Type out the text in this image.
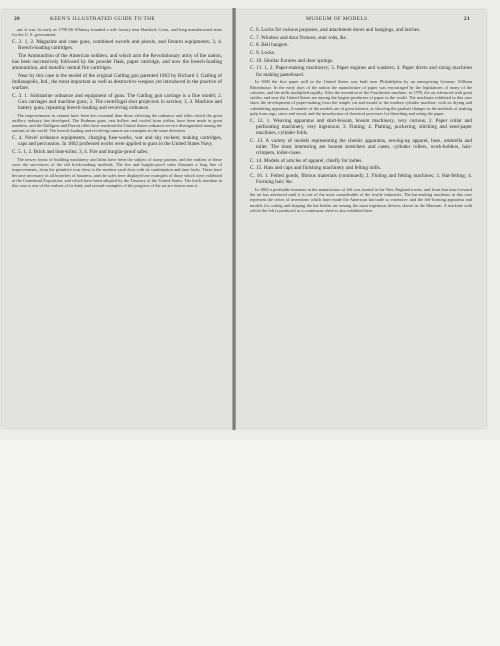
20	KEEN'S ILLUSTRATED GUIDE TO THE

ant of war. As early as 1798 Eli Whitney founded a rifle factory near Hartford, Conn., and long manufactured arms for the U. S. government.

C. 2. 1, 2. Magazine and cane guns, combined swords and pistols, and firearm equipments; 3, 4. Breech-loading cartridges.

The Ammunition of the American soldiers, and which arm the Revolutionary army of the nation, has been successively followed by the powder flask, paper cartridge, and now the breech-loading ammunition, and metallic central fire cartridges.

Near by this case is the model of the original Gatling gun patented 1862 by Richard J. Gatling of Indianapolis, Ind., the most important as well as destructive weapon yet introduced in the practice of warfare.

C. 3. 1. Submarine ordnance and equipment of guns. The Gatling gun carriage is a fine model; 2. Gun carriages and machine guns; 3. The centrifugal shot projectors in section; 3, 4. Machine and battery guns, repeating breech-loading and revolving ordnance.

The improvements in cannon have been less essential than those affecting the ordnance and rifles which the great artillery industry has developed. The Rodman guns, cast hollow and cooled from within, have been made in great numbers, and the Dahlgren and Parrott rifles have rendered the United States ordnance service distinguished among the nations of the world. The breech-loading and revolving cannon are examples in the same direction.

C. 4. Novel ordnance equipments, charging fuse-works, war and sky rockets; making cartridges, caps and percussion. In 1862 professed works were applied to guns in the United States Navy.

C. 5. 1, 2. Brick and lime-kilns; 3, 4. Fire and burglar-proof safes.

The newer forms of building machinery and kilns have been the subject of many patents, and the earliest of these were the successors of the old brick-making methods. The fire and burglar-proof safes illustrate a long line of improvements, from the primitive iron chest to the modern vault door with its combination and time locks. These have become necessary in all branches of business, and the safes here displayed are examples of those which were exhibited at the Centennial Exposition, and which have been adopted by the Treasury of the United States. The brick machine in this case is one of the earliest of its kind, and several examples of the progress of the art are shown near it.

MUSEUM OF MODELS.	21

C. 6. Locks for various purposes, and attachment doors and hangings, and latches.

C. 7. Window and door fixtures, stair rods, &c.

C. 8. Bell hangers.

C. 9. Locks.

C. 10. Similar fixtures and door springs.

C. 11. 1, 2. Paper-making machinery; 3. Paper engines and washers; 4. Paper driers and sizing machines for making pasteboard.

In 1690 the first paper mill in the United States was built near Philadelphia by an enterprising German, William Rittenhouse. In the early days of the nation the manufacture of paper was encouraged by the legislatures of many of the colonies, and the mills multiplied rapidly. After the invention of the Fourdrinier machine, in 1799, the art advanced with great strides, and now the United States are among the largest producers of paper in the world. The machines exhibited in this case show the development of paper-making from the simple vat and mould to the modern cylinder machine, with its drying and calendering apparatus. A number of the models are of great interest, as showing the gradual changes in the methods of making pulp from rags, straw and wood, and the introduction of chemical processes for bleaching and sizing the paper.

C. 12. 1. Weaving apparatus and shirt-bosom, bosom machinery, very curious; 2. Paper collar and perforating machinery, very ingenious; 3. Fluting; 4. Platting, puckering, stitching and seed-paper machines, cylinder folds.

C. 13. A variety of models representing the chemic apparatus, sewing-up apparel, boss, umbrella and toilet. The most interesting are bonnet stretchers and cases, cylinder rollers, work-holders, hair-crimpers, toilet-cases.

C. 14. Models of articles of apparel, chiefly for ladies.

C. 15. Hats and caps and finishing machinery and felting mills.

C. 16. 1. Felted goods, fibrous materials (continued); 2. Fluting and felting machines; 3. Hat-felting; 4. Forming hair; &c.

In 1860 a profitable business in the manufacture of felt was started in the New England towns, and from that time forward the art has advanced until it is one of the most considerable of the textile industries. The hat-making machines in this case represent the series of inventions which have made the American hat trade so extensive, and the felt-forming apparatus and models for cutting and shaping the hat bodies are among the most ingenious devices shown in the Museum. A machine with which the felt is produced as a continuous sheet is also exhibited here.
